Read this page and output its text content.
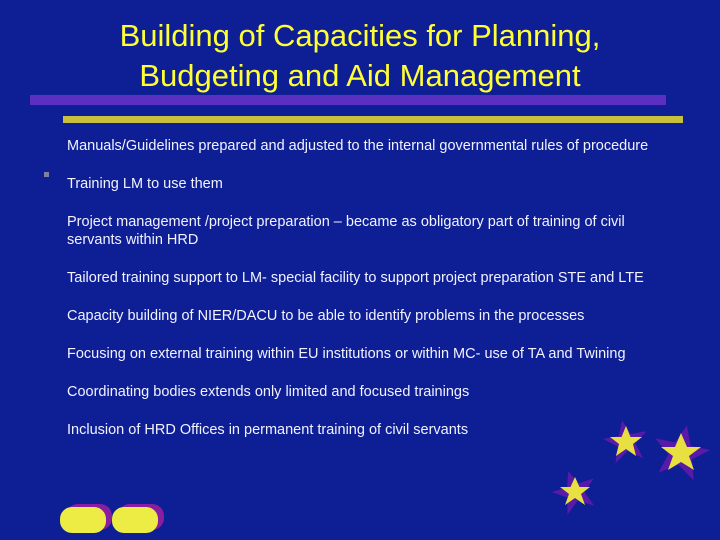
Building of Capacities for Planning,
Budgeting and Aid Management
Manuals/Guidelines prepared and adjusted to the internal governmental rules of procedure
Training LM to use them
Project management /project preparation – became as obligatory part of training of civil servants within HRD
Tailored training support to LM- special facility to support project preparation STE and LTE
Capacity building of NIER/DACU to be able to identify problems in the processes
Focusing on external training within EU institutions or within MC- use of TA and Twining
Coordinating bodies extends only limited and focused trainings
Inclusion of HRD Offices in permanent training of civil servants
